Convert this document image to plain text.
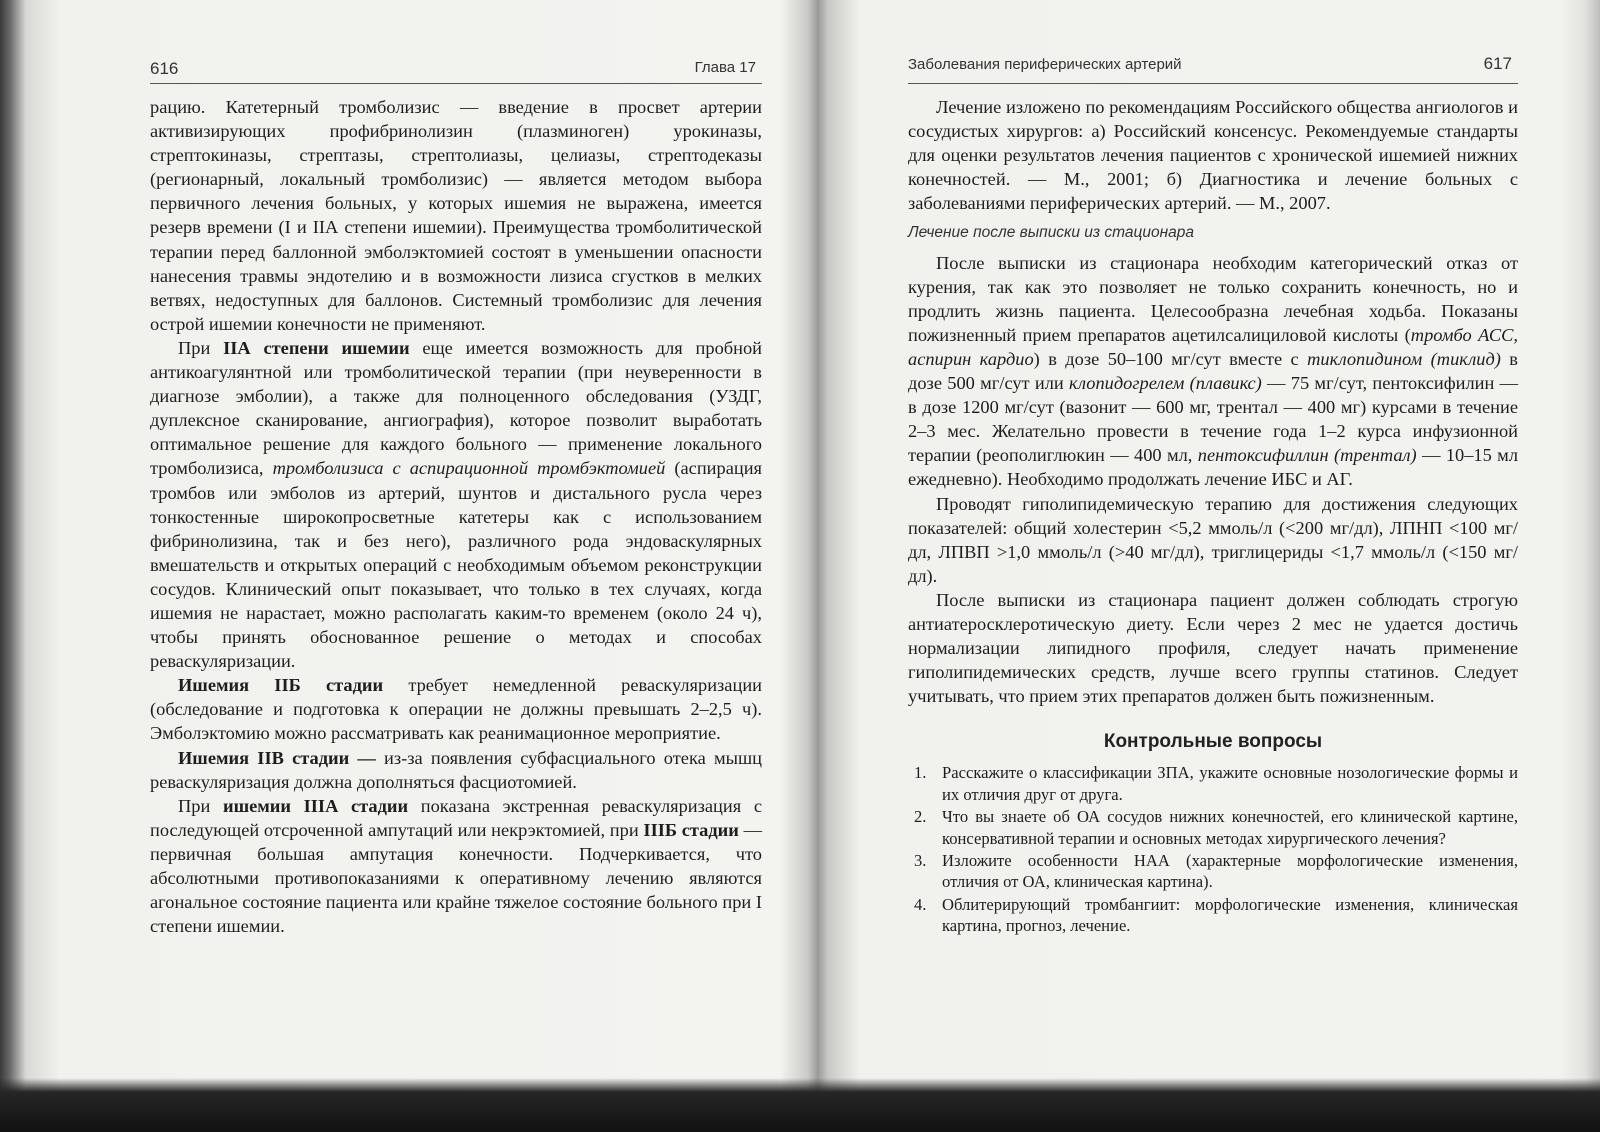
616	Глава 17

рацию. Катетерный тромболизис — введение в просвет артерии активизирующих профибринолизин (плазминоген) урокиназы, стрептокиназы, стрептазы, стрептолиазы, целиазы, стрептодеказы (регионарный, локальный тромболизис) — является методом выбора первичного лечения больных, у которых ишемия не выражена, имеется резерв времени (I и IIА степени ишемии). Преимущества тромболитической терапии перед баллонной эмболэктомией состоят в уменьшении опасности нанесения травмы эндотелию и в возможности лизиса сгустков в мелких ветвях, недоступных для баллонов. Системный тромболизис для лечения острой ишемии конечности не применяют.

При IIА степени ишемии еще имеется возможность для пробной антикоагулянтной или тромболитической терапии (при неуверенности в диагнозе эмболии), а также для полноценного обследования (УЗДГ, дуплексное сканирование, ангиография), которое позволит выработать оптимальное решение для каждого больного — применение локального тромболизиса, тромболизиса с аспирационной тромбэктомией (аспирация тромбов или эмболов из артерий, шунтов и дистального русла через тонкостенные широкопросветные катетеры как с использованием фибринолизина, так и без него), различного рода эндоваскулярных вмешательств и открытых операций с необходимым объемом реконструкции сосудов. Клинический опыт показывает, что только в тех случаях, когда ишемия не нарастает, можно располагать каким-то временем (около 24 ч), чтобы принять обоснованное решение о методах и способах реваскуляризации.

Ишемия IIБ стадии требует немедленной реваскуляризации (обследование и подготовка к операции не должны превышать 2–2,5 ч). Эмболэктомию можно рассматривать как реанимационное мероприятие.

Ишемия IIВ стадии — из-за появления субфасциального отека мышц реваскуляризация должна дополняться фасциотомией.

При ишемии IIIА стадии показана экстренная реваскуляризация с последующей отсроченной ампутаций или некрэктомией, при IIIБ стадии — первичная большая ампутация конечности. Подчеркивается, что абсолютными противопоказаниями к оперативному лечению являются агональное состояние пациента или крайне тяжелое состояние больного при I степени ишемии.

Заболевания периферических артерий	617

Лечение изложено по рекомендациям Российского общества ангиологов и сосудистых хирургов: а) Российский консенсус. Рекомендуемые стандарты для оценки результатов лечения пациентов с хронической ишемией нижних конечностей. — М., 2001; б) Диагностика и лечение больных с заболеваниями периферических артерий. — М., 2007.

Лечение после выписки из стационара

После выписки из стационара необходим категорический отказ от курения, так как это позволяет не только сохранить конечность, но и продлить жизнь пациента. Целесообразна лечебная ходьба. Показаны пожизненный прием препаратов ацетилсалициловой кислоты (тромбо АСС, аспирин кардио) в дозе 50–100 мг/сут вместе с тиклопидином (тиклид) в дозе 500 мг/сут или клопидогрелем (плавикс) — 75 мг/сут, пентоксифилин — в дозе 1200 мг/сут (вазонит — 600 мг, трентал — 400 мг) курсами в течение 2–3 мес. Желательно провести в течение года 1–2 курса инфузионной терапии (реополиглюкин — 400 мл, пентоксифиллин (трентал) — 10–15 мл ежедневно). Необходимо продолжать лечение ИБС и АГ.

Проводят гиполипидемическую терапию для достижения следующих показателей: общий холестерин <5,2 ммоль/л (<200 мг/дл), ЛПНП <100 мг/дл, ЛПВП >1,0 ммоль/л (>40 мг/дл), триглицериды <1,7 ммоль/л (<150 мг/дл).

После выписки из стационара пациент должен соблюдать строгую антиатеросклеротическую диету. Если через 2 мес не удается достичь нормализации липидного профиля, следует начать применение гиполипидемических средств, лучше всего группы статинов. Следует учитывать, что прием этих препаратов должен быть пожизненным.

Контрольные вопросы
1. Расскажите о классификации ЗПА, укажите основные нозологические формы и их отличия друг от друга.
2. Что вы знаете об ОА сосудов нижних конечностей, его клинической картине, консервативной терапии и основных методах хирургического лечения?
3. Изложите особенности НАА (характерные морфологические изменения, отличия от ОА, клиническая картина).
4. Облитерирующий тромбангиит: морфологические изменения, клиническая картина, прогноз, лечение.
